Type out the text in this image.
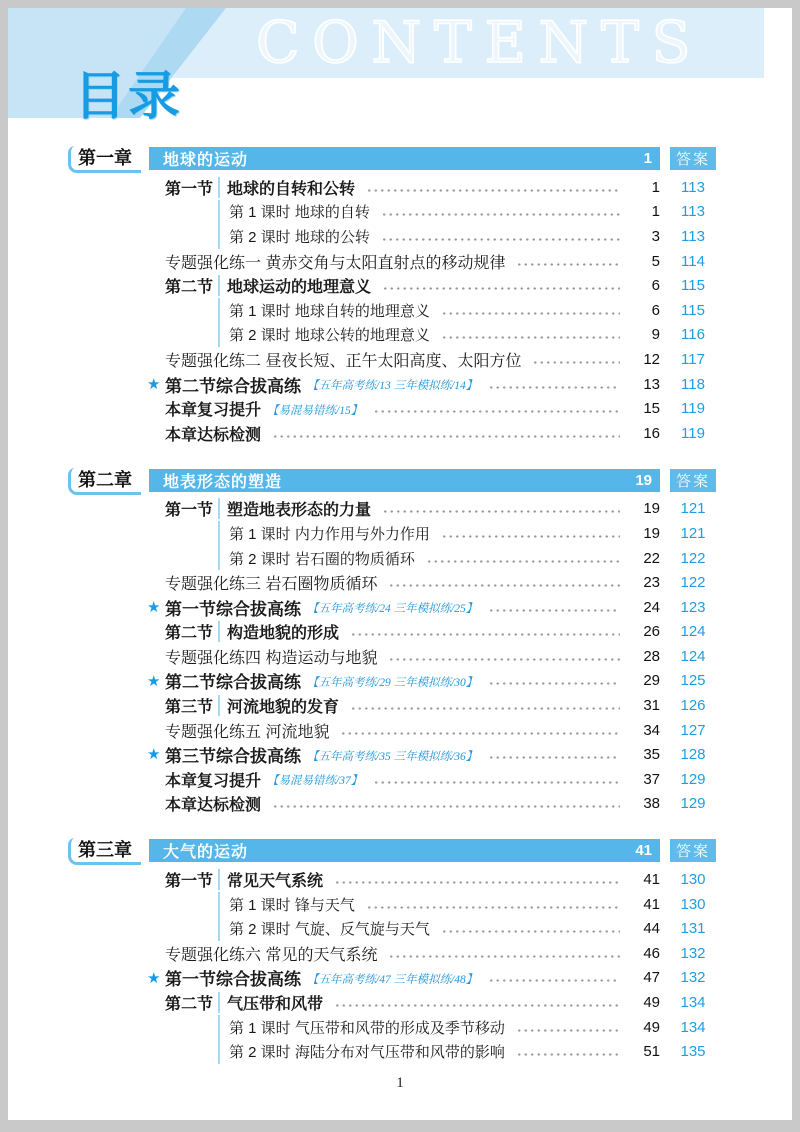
CONTENTS
目录
第一章	地球的运动	1	答案
第一节 地球的自转和公转	1	113
第 1 课时 地球的自转	1	113
第 2 课时 地球的公转	3	113
专题强化练一 黄赤交角与太阳直射点的移动规律	5	114
第二节 地球运动的地理意义	6	115
第 1 课时 地球自转的地理意义	6	115
第 2 课时 地球公转的地理意义	9	116
专题强化练二 昼夜长短、正午太阳高度、太阳方位	12	117
★ 第二节综合拔高练 【五年高考练/13 三年模拟练/14】	13	118
本章复习提升 【易混易错练/15】	15	119
本章达标检测	16	119
第二章	地表形态的塑造	19	答案
第一节 塑造地表形态的力量	19	121
第 1 课时 内力作用与外力作用	19	121
第 2 课时 岩石圈的物质循环	22	122
专题强化练三 岩石圈物质循环	23	122
★ 第一节综合拔高练 【五年高考练/24 三年模拟练/25】	24	123
第二节 构造地貌的形成	26	124
专题强化练四 构造运动与地貌	28	124
★ 第二节综合拔高练 【五年高考练/29 三年模拟练/30】	29	125
第三节 河流地貌的发育	31	126
专题强化练五 河流地貌	34	127
★ 第三节综合拔高练 【五年高考练/35 三年模拟练/36】	35	128
本章复习提升 【易混易错练/37】	37	129
本章达标检测	38	129
第三章	大气的运动	41	答案
第一节 常见天气系统	41	130
第 1 课时 锋与天气	41	130
第 2 课时 气旋、反气旋与天气	44	131
专题强化练六 常见的天气系统	46	132
★ 第一节综合拔高练 【五年高考练/47 三年模拟练/48】	47	132
第二节 气压带和风带	49	134
第 1 课时 气压带和风带的形成及季节移动	49	134
第 2 课时 海陆分布对气压带和风带的影响	51	135
1
